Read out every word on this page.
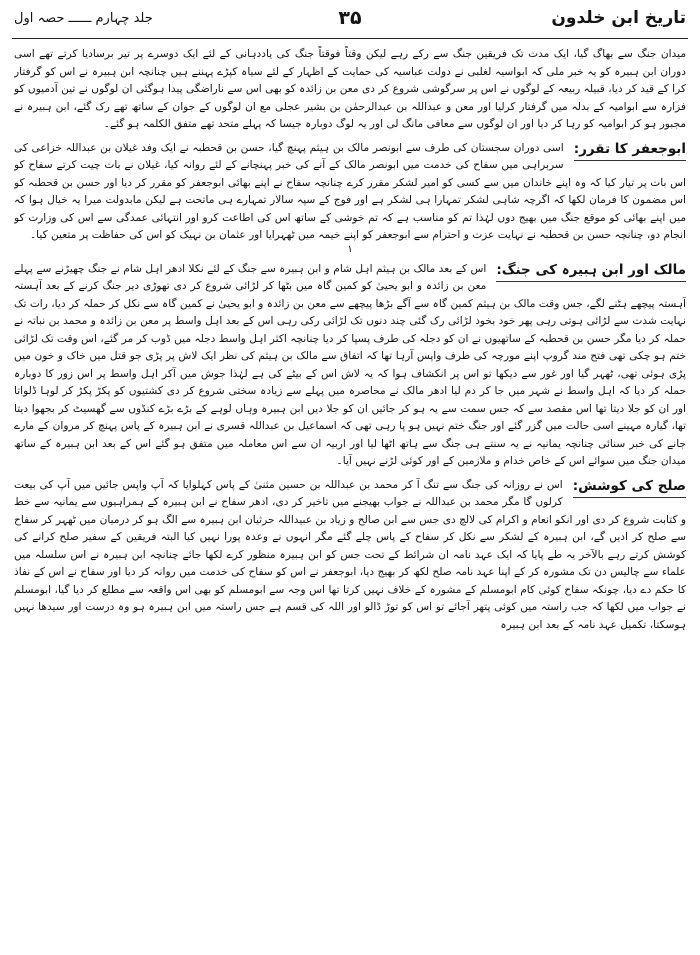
تاریخ ابن خلدون
۳۵
جلد چہارم ــــــ حصہ اول

میدان جنگ سے بھاگ گیا، ایک مدت تک فریقین جنگ سے رکے رہے لیکن وقتاً فوقتاً جنگ کی یاددہانی کے لئے ایک دوسرے پر تیر برسادیا کرتے تھے اسی دوران ابن ہبیرہ کو یہ خبر ملی کہ ابواسیہ لغلبی نے دولت عباسیہ کی حمایت کے اظہار کے لئے سیاہ کپڑے پہننے ہیں چنانچہ ابن ہبیرہ نے اس کو گرفتار کرا کے قید کر دیا، قبیلہ ربیعہ کے لوگوں نے اس پر سرگوشی شروع کر دی معن بن زائدہ کو بھی اس سے ناراضگی پیدا ہوگئی ان لوگوں نے تین آدمیوں کو فزارہ سے ابوامیہ کے بدلہ میں گرفتار کرلیا اور معن و عبداللہ بن عبدالرحمٰن بن بشیر عجلی مع ان لوگوں کے جوان کے ساتھ تھے رک گئے، ابن ہبیرہ نے مجبور ہو کر ابوامیہ کو رہا کر دیا اور ان لوگوں سے معافی مانگ لی اور یہ لوگ دوبارہ جیسا کہ پہلے متحد تھے متفق الکلمہ ہو گئے۔

ابوجعفر کا تقرر:
اسی دوران سجستان کی طرف سے ابونصر مالک بن ہیثم پہنچ گیا، حسن بن قحطبہ نے ایک وفد غیلان بن عبداللہ خزاعی کی سربراہی میں سفاح کی خدمت میں ابونصر مالک کے آنے کی خبر پہنچانے کے لئے روانہ کیا، غیلان نے بات چیت کرتے سفاح کو اس بات پر تیار کیا کہ وہ اپنے خاندان میں سے کسی کو امیر لشکر مقرر کرے چنانچہ سفاح نے اپنے بھائی ابوجعفر کو مقرر کر دیا اور حسن بن قحطبہ کو اس مضمون کا فرمان لکھا کہ اگرچہ شاہی لشکر تمہارا ہی لشکر ہے اور فوج کے سپہ سالار تمہارے ہی ماتحت ہے لیکن مابدولت میرا یہ خیال ہوا کہ میں اپنے بھائی کو موقع جنگ میں بھیج دوں لہٰذا تم کو مناسب ہے کہ تم خوشی کے ساتھ اس کی اطاعت کرو اور انتہائی عمدگی سے اس کی وزارت کو انجام دو، چنانچہ حسن بن قحطبہ نے نہایت عزت و احترام سے ابوجعفر کو اپنے خیمہ میں ٹھہرایا اور عثمان بن نہیک کو اس کی حفاظت پر متعین کیا۔

۱

مالک اور ابن ہبیرہ کی جنگ:
اس کے بعد مالک بن ہیثم اہل شام و ابن ہبیرہ سے جنگ کے لئے نکلا ادھر اہل شام نے جنگ چھیڑنے سے پہلے معن بن زائدہ و ابو یحییٰ کو کمین گاہ میں بٹھا کر لڑائی شروع کر دی تھوڑی دیر جنگ کرنے کے بعد آہستہ آہستہ پیچھے ہٹنے لگے، جس وقت مالک بن ہیثم کمین گاہ سے آگے بڑھا پیچھے سے معن بن زائدہ و ابو یحییٰ نے کمین گاہ سے نکل کر حملہ کر دیا، رات تک نہایت شدت سے لڑائی ہوتی رہی پھر خود بخود لڑائی رک گئی چند دنوں تک لڑائی رکی رہی اس کے بعد اہل واسط پر معن بن زائدہ و محمد بن نباتہ نے حملہ کر دیا مگر حسن بن قحطبہ کے ساتھیوں نے ان کو دجلہ کی طرف پسپا کر دیا چنانچہ اکثر اہل واسط دجلہ میں ڈوب کر مر گئے، اس وقت تک لڑائی ختم ہو چکی تھی فتح مند گروپ اپنے مورچہ کی طرف واپس آرہا تھا کہ اتفاق سے مالک بن ہیثم کی نظر ایک لاش پر پڑی جو قتل میں خاک و خون میں پڑی ہوئی تھی، ٹھہر گیا اور غور سے دیکھا تو اس پر انکشاف ہوا کہ یہ لاش اس کے بیٹے کی ہے لہٰذا جوش میں آکر اہل واسط پر اس زور کا دوبارہ حملہ کر دیا کہ اہل واسط نے شہر میں جا کر دم لیا ادھر مالک نے محاصرہ میں پہلے سے زیادہ سختی شروع کر دی کشتیوں کو پکڑ پکڑ کر لوہا ڈلواتا اور ان کو جلا دیتا تھا اس مقصد سے کہ جس سمت سے یہ ہو کر جائیں ان کو جلا دیں ابن ہبیرہ وہاں لوہے کے بڑے بڑے کنڈوں سے گھسیٹ کر بجھوا دیتا تھا، گیارہ مہینے اسی حالت میں گزر گئے اور جنگ ختم نہیں ہو پا رہی تھی کہ اسماعیل بن عبداللہ قسری نے ابن ہبیرہ کے پاس پہنچ کر مروان کے مارے جانے کی خبر سنائی چنانچہ یمانیہ نے یہ سنتے ہی جنگ سے ہاتھ اٹھا لیا اور اربیہ ان سے اس معاملہ میں متفق ہو گئے اس کے بعد ابن ہبیرہ کے ساتھ میدان جنگ میں سوائے اس کے خاص خدام و ملازمین کے اور کوئی لڑنے نہیں آیا۔

صلح کی کوشش:
اس نے روزانہ کی جنگ سے تنگ آ کر محمد بن عبداللہ بن حسین مثنیٰ کے پاس کہلوایا کہ آپ واپس جائیں میں آپ کی بیعت کرلوں گا مگر محمد بن عبداللہ نے جواب بھیجنے میں تاخیر کر دی، ادھر سفاح نے ابن ہبیرہ کے ہمراہیوں سے یمانیہ سے خط و کتابت شروع کر دی اور انکو انعام و اکرام کی لالچ دی جس سے ابن صالح و زیاد بن عبیداللہ حرثیان ابن ہبیرہ سے الگ ہو کر درمیان میں ٹھہر کر سفاح سے صلح کر ادیں گے، ابن ہبیرہ کے لشکر سے نکل کر سفاح کے پاس چلے گئے مگر انہوں نے وعدہ پورا نہیں کیا البتہ فریقین کے سفیر صلح کرانے کی کوشش کرتے رہے بالآخر یہ طے پایا کہ ایک عہد نامہ ان شرائط کے تحت جس کو ابن ہبیرہ منظور کرے لکھا جائے چنانچہ ابن ہبیرہ نے اس سلسلہ میں علماء سے چالیس دن تک مشورہ کر کے اپنا عہد نامہ صلح لکھ کر بھیج دیا، ابوجعفر نے اس کو سفاح کی خدمت میں روانہ کر دیا اور سفاح نے اس کے نفاذ کا حکم دے دیا، چونکہ سفاح کوئی کام ابومسلم کے مشورہ کے خلاف نہیں کرتا تھا اس وجہ سے ابومسلم کو بھی اس واقعہ سے مطلع کر دیا گیا، ابومسلم نے جواب میں لکھا کہ جب راستہ میں کوئی پتھر آجائے تو اس کو توڑ ڈالو اور اللہ کی قسم ہے جس راستہ میں ابن ہبیرہ ہو وہ درست اور سیدھا نہیں ہوسکتا، تکمیل عہد نامہ کے بعد ابن ہبیرہ
